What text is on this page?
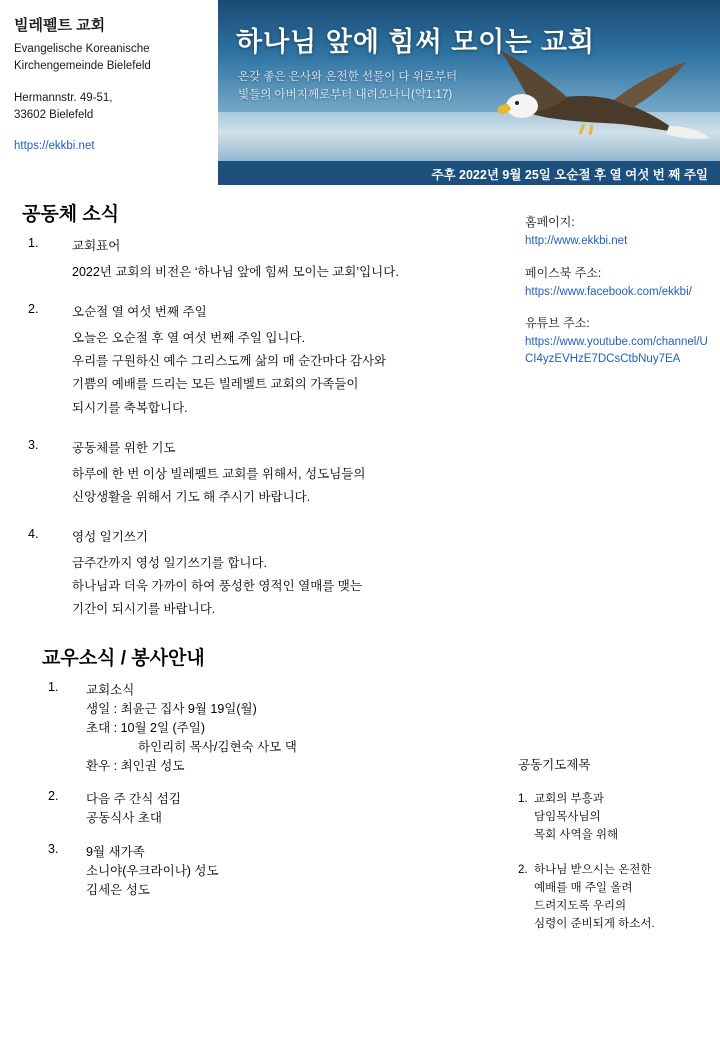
빌레펠트 교회
Evangelische Koreanische
Kirchengemeinde Bielefeld
Hermannstr. 49-51,
33602 Bielefeld
https://ekkbi.net
하나님 앞에 힘써 모이는 교회
온갖 좋은 은사와 온전한 선물이 다 위로부터
빛들의 아버지께로부터 내려오나니(약1:17)
주후 2022년 9월 25일 오순절 후 열 여섯 번 째 주일
홈페이지:
http://www.ekkbi.net
페이스북 주소:
https://www.facebook.com/ekkbi/
유튜브 주소:
https://www.youtube.com/channel/UCI4yzEVHzE7DCsCtbNuy7EA
공동체 소식
1.	교회표어
2022년 교회의 비전은 ‘하나님 앞에 힘써 모이는 교회’입니다.
2.	오순절 열 여섯 번째 주일
오늘은 오순절 후 열 여섯 번째 주일 입니다.
우리를 구원하신 예수 그리스도께 삶의 매 순간마다 감사와
기쁨의 예배를 드리는 모든 빌레벨트 교회의 가족들이
되시기를 축복합니다.
3.	공동체를 위한 기도
하루에 한 번 이상 빌레펠트 교회를 위해서, 성도님들의
신앙생활을 위해서 기도 해 주시기 바랍니다.
4.	영성 일기쓰기
금주간까지 영성 일기쓰기를 합니다.
하나님과 더욱 가까이 하여 풍성한 영적인 열매를 맺는
기간이 되시기를 바랍니다.
교우소식 / 봉사안내
1.	교회소식
생일 : 최윤근 집사 9월 19일(월)
초대 : 10월 2일 (주일)
하인리히 목사/김현숙 사모 댁
환우 : 최인권 성도
2.	다음 주 간식 섬김
공동식사 초대
3.	9월 새가족
소니야(우크라이나) 성도
김세은 성도
공동기도제목
1. 교회의 부흥과
담임목사님의
목회 사역을 위해
2. 하나님 받으시는 온전한
예배를 매 주일 올려
드려지도록 우리의
심령이 준비되게 하소서.
